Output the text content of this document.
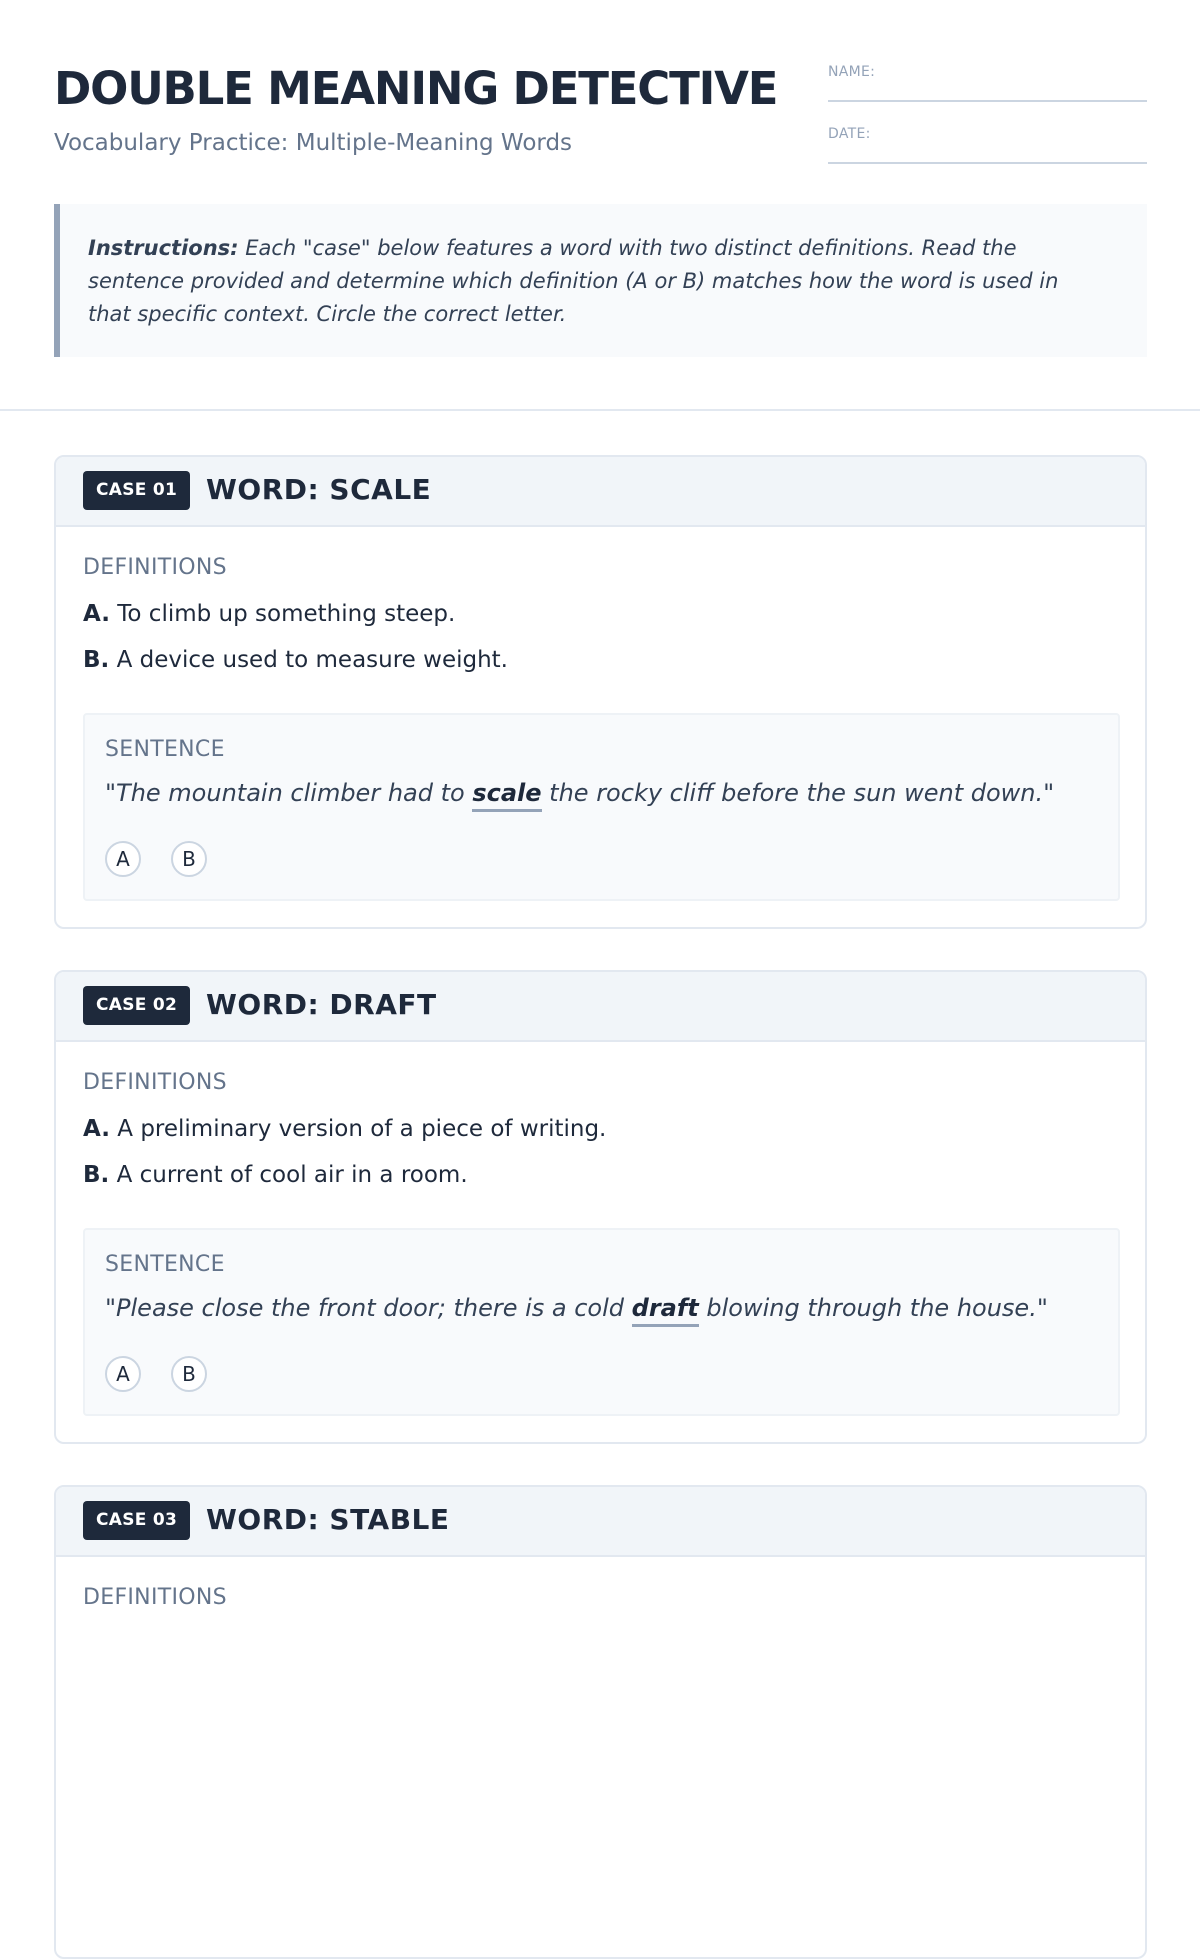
DOUBLE MEANING DETECTIVE
Vocabulary Practice: Multiple-Meaning Words
NAME:
DATE:
Instructions: Each "case" below features a word with two distinct definitions. Read the sentence provided and determine which definition (A or B) matches how the word is used in that specific context. Circle the correct letter.
CASE 01	WORD: SCALE
DEFINITIONS
A. To climb up something steep.
B. A device used to measure weight.
SENTENCE
"The mountain climber had to scale the rocky cliff before the sun went down."
A	B
CASE 02	WORD: DRAFT
DEFINITIONS
A. A preliminary version of a piece of writing.
B. A current of cool air in a room.
SENTENCE
"Please close the front door; there is a cold draft blowing through the house."
A	B
CASE 03	WORD: STABLE
DEFINITIONS
